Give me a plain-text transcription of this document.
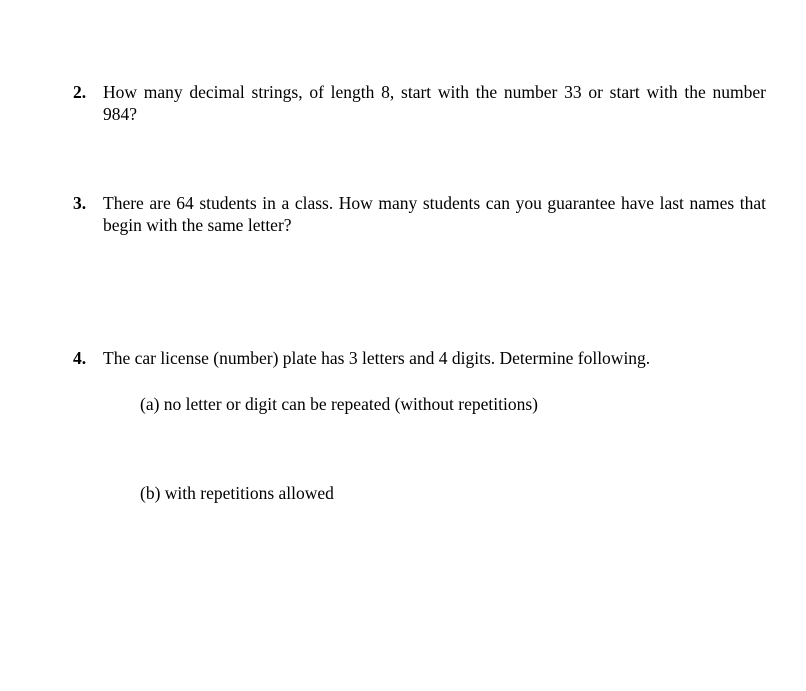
2. How many decimal strings, of length 8, start with the number 33 or start with the number 984?
3. There are 64 students in a class. How many students can you guarantee have last names that begin with the same letter?
4. The car license (number) plate has 3 letters and 4 digits. Determine following.
(a) no letter or digit can be repeated (without repetitions)
(b) with repetitions allowed
